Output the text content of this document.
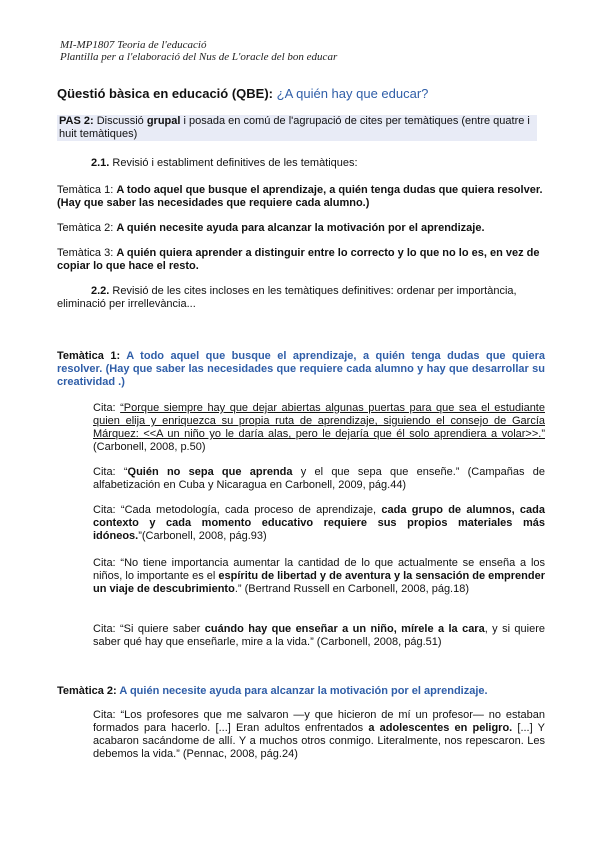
MI-MP1807 Teoria de l'educació
Plantilla per a l'elaboració del Nus de L'oracle del bon educar
Qüestió bàsica en educació (QBE): ¿A quién hay que educar?
PAS 2: Discussió grupal i posada en comú de l'agrupació de cites per temàtiques (entre quatre i huit temàtiques)
2.1. Revisió i establiment definitives de les temàtiques:
Temàtica 1: A todo aquel que busque el aprendizaje, a quién tenga dudas que quiera resolver. (Hay que saber las necesidades que requiere cada alumno.)
Temàtica 2: A quién necesite ayuda para alcanzar la motivación por el aprendizaje.
Temàtica 3: A quién quiera aprender a distinguir entre lo correcto y lo que no lo es, en vez de copiar lo que hace el resto.
2.2. Revisió de les cites incloses en les temàtiques definitives: ordenar per importància, eliminació per irrellevància...
Temàtica 1: A todo aquel que busque el aprendizaje, a quién tenga dudas que quiera resolver. (Hay que saber las necesidades que requiere cada alumno y hay que desarrollar su creatividad .)
Cita: “Porque siempre hay que dejar abiertas algunas puertas para que sea el estudiante quien elija y enriquezca su propia ruta de aprendizaje, siguiendo el consejo de García Márquez: <<A un niño yo le daría alas, pero le dejaría que él solo aprendiera a volar>>.” (Carbonell, 2008, p.50)
Cita: “Quién no sepa que aprenda y el que sepa que enseñe.” (Campañas de alfabetización en Cuba y Nicaragua en Carbonell, 2009, pág.44)
Cita: “Cada metodología, cada proceso de aprendizaje, cada grupo de alumnos, cada contexto y cada momento educativo requiere sus propios materiales más idóneos.”(Carbonell, 2008, pág.93)
Cita: “No tiene importancia aumentar la cantidad de lo que actualmente se enseña a los niños, lo importante es el espíritu de libertad y de aventura y la sensación de emprender un viaje de descubrimiento.” (Bertrand Russell en Carbonell, 2008, pág.18)
Cita: “Si quiere saber cuándo hay que enseñar a un niño, mírele a la cara, y si quiere saber qué hay que enseñarle, mire a la vida.” (Carbonell, 2008, pág.51)
Temàtica 2: A quién necesite ayuda para alcanzar la motivación por el aprendizaje.
Cita: “Los profesores que me salvaron —y que hicieron de mí un profesor— no estaban formados para hacerlo. [...] Eran adultos enfrentados a adolescentes en peligro. [...] Y acabaron sacándome de allí. Y a muchos otros conmigo. Literalmente, nos repescaron. Les debemos la vida.” (Pennac, 2008, pág.24)
